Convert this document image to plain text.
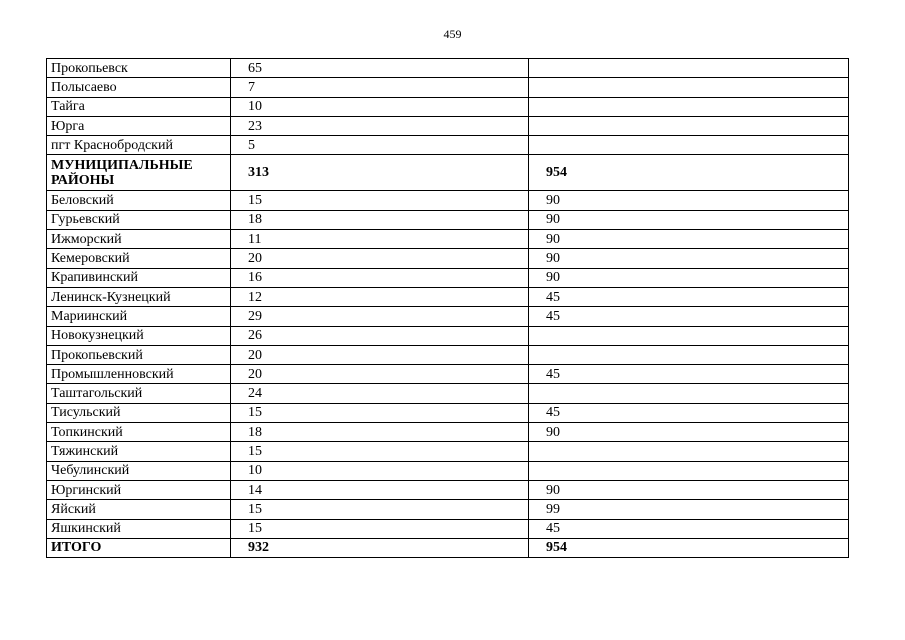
459
Прокопьевск	65	
Полысаево	7	
Тайга	10	
Юрга	23	
пгт Краснобродский	5	
МУНИЦИПАЛЬНЫЕ РАЙОНЫ	313	954
Беловский	15	90
Гурьевский	18	90
Ижморский	11	90
Кемеровский	20	90
Крапивинский	16	90
Ленинск-Кузнецкий	12	45
Мариинский	29	45
Новокузнецкий	26	
Прокопьевский	20	
Промышленновский	20	45
Таштагольский	24	
Тисульский	15	45
Топкинский	18	90
Тяжинский	15	
Чебулинский	10	
Юргинский	14	90
Яйский	15	99
Яшкинский	15	45
ИТОГО	932	954
